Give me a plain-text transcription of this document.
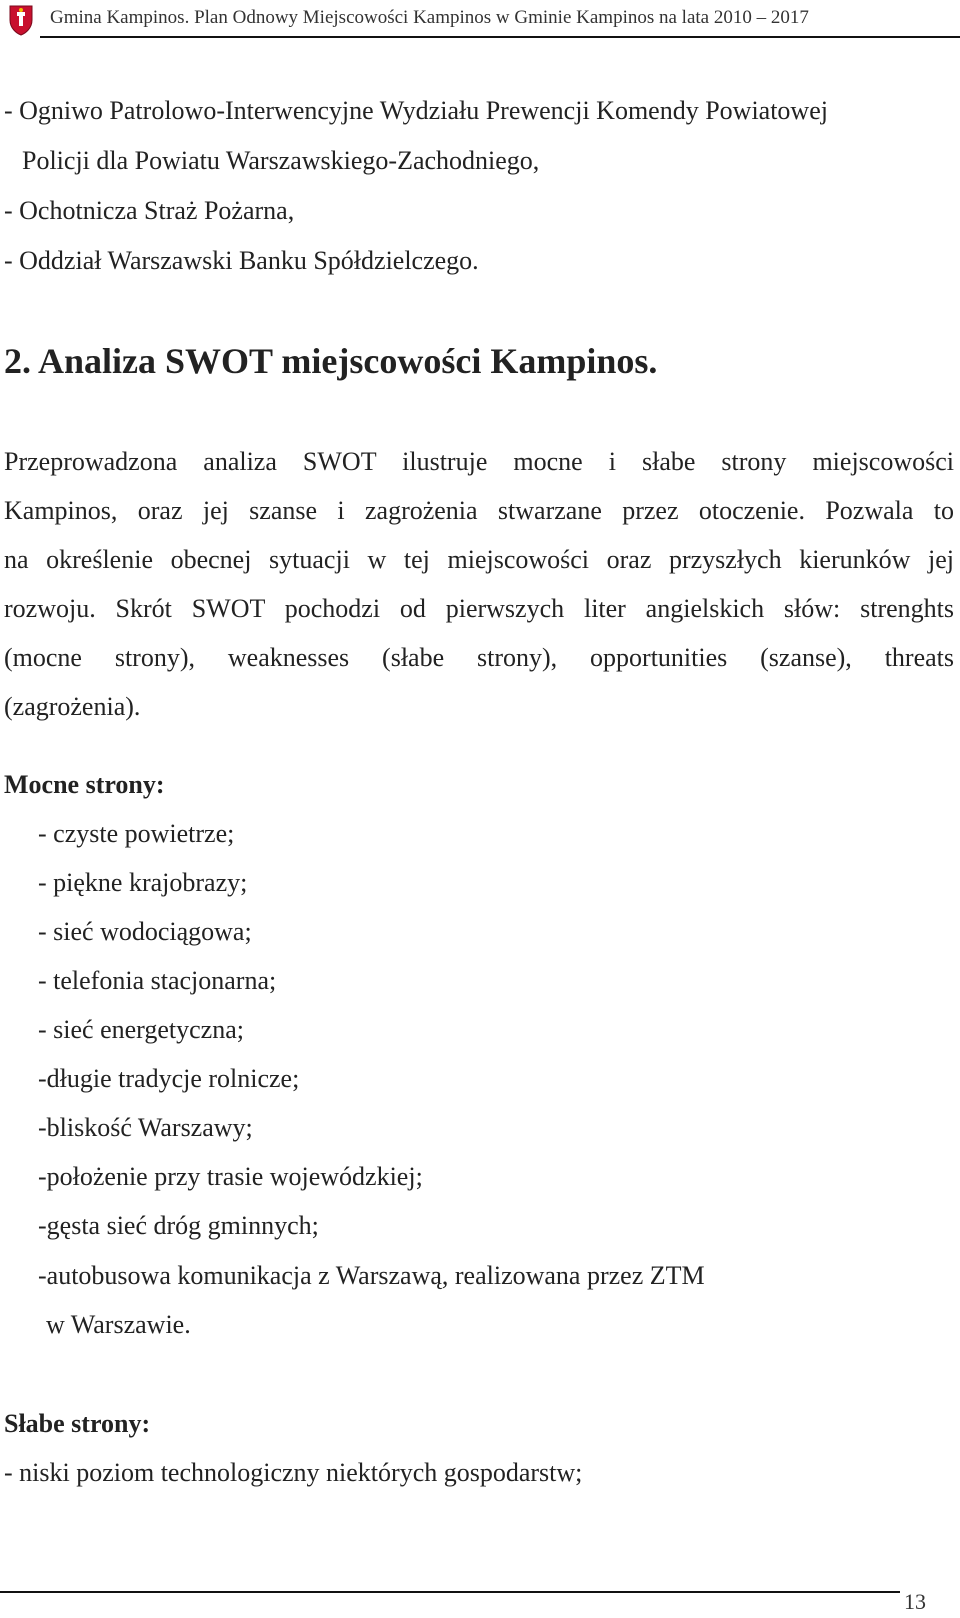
Gmina Kampinos. Plan Odnowy Miejscowości Kampinos w Gminie Kampinos na lata 2010 – 2017
- Ogniwo Patrolowo-Interwencyjne Wydziału Prewencji Komendy Powiatowej
Policji dla Powiatu Warszawskiego-Zachodniego,
- Ochotnicza Straż Pożarna,
- Oddział Warszawski Banku Spółdzielczego.
2. Analiza SWOT miejscowości Kampinos.
Przeprowadzona analiza SWOT ilustruje mocne i słabe strony miejscowości
Kampinos, oraz jej szanse i zagrożenia stwarzane przez otoczenie. Pozwala to
na określenie obecnej sytuacji w tej miejscowości oraz przyszłych kierunków jej
rozwoju. Skrót SWOT pochodzi od pierwszych liter angielskich słów: strenghts
(mocne strony), weaknesses (słabe strony), opportunities (szanse), threats
(zagrożenia).
Mocne strony:
- czyste powietrze;
- piękne krajobrazy;
- sieć wodociągowa;
- telefonia stacjonarna;
- sieć energetyczna;
-długie tradycje rolnicze;
-bliskość Warszawy;
-położenie przy trasie wojewódzkiej;
-gęsta sieć dróg gminnych;
-autobusowa komunikacja z Warszawą, realizowana przez ZTM
w Warszawie.
Słabe strony:
- niski poziom technologiczny niektórych gospodarstw;
13
